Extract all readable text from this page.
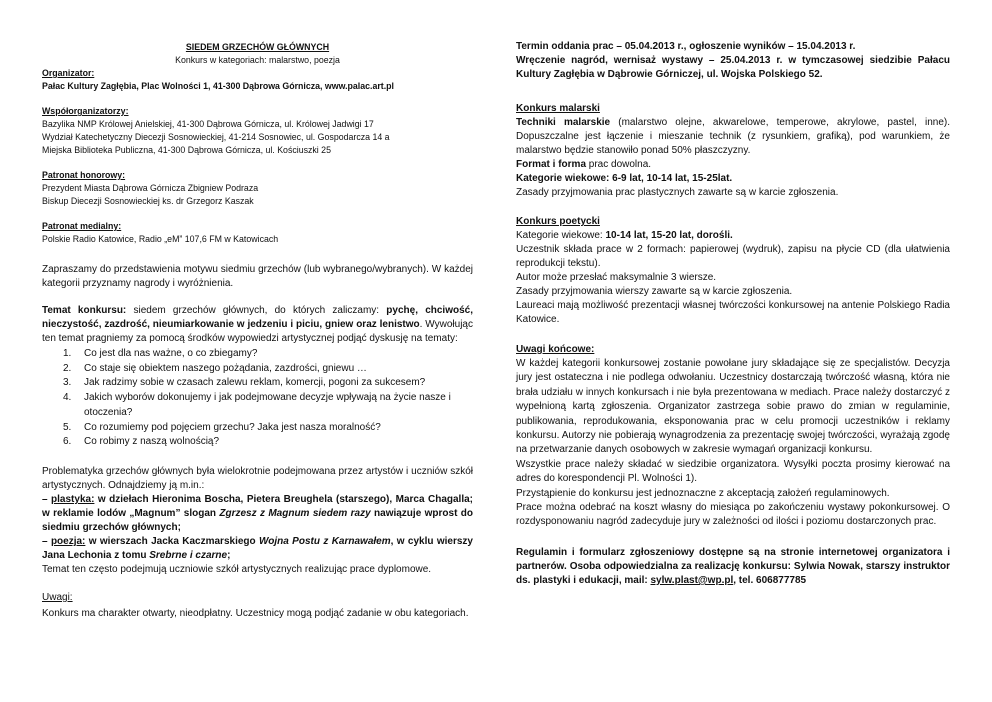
SIEDEM GRZECHÓW GŁÓWNYCH
Konkurs w kategoriach: malarstwo, poezja
Organizator:
Pałac Kultury Zagłębia, Plac Wolności 1, 41-300 Dąbrowa Górnicza, www.palac.art.pl
Współorganizatorzy:
Bazylika NMP Królowej Anielskiej, 41-300 Dąbrowa Górnicza, ul. Królowej Jadwigi 17
Wydział Katechetyczny Diecezji Sosnowieckiej, 41-214 Sosnowiec, ul. Gospodarcza 14 a
Miejska Biblioteka Publiczna, 41-300 Dąbrowa Górnicza, ul. Kościuszki 25
Patronat honorowy:
Prezydent Miasta Dąbrowa Górnicza Zbigniew Podraza
Biskup Diecezji Sosnowieckiej ks. dr Grzegorz Kaszak
Patronat medialny:
Polskie Radio Katowice, Radio „eM” 107,6 FM w Katowicach

Zapraszamy do przedstawienia motywu siedmiu grzechów (lub wybranego/wybranych). W każdej kategorii przyznamy nagrody i wyróżnienia.

Temat konkursu: siedem grzechów głównych, do których zaliczamy: pychę, chciwość, nieczystość, zazdrość, nieumiarkowanie w jedzeniu i piciu, gniew oraz lenistwo. Wywołując ten temat pragniemy za pomocą środków wypowiedzi artystycznej podjąć dyskusję na tematy:

1. Co jest dla nas ważne, o co zbiegamy?
2. Co staje się obiektem naszego pożądania, zazdrości, gniewu …
3. Jak radzimy sobie w czasach zalewu reklam, komercji, pogoni za sukcesem?
4. Jakich wyborów dokonujemy i jak podejmowane decyzje wpływają na życie nasze i otoczenia?
5. Co rozumiemy pod pojęciem grzechu? Jaka jest nasza moralność?
6. Co robimy z naszą wolnością?
Problematyka grzechów głównych była wielokrotnie podejmowana przez artystów i uczniów szkół artystycznych. Odnajdziemy ją m.in.:
– plastyka: w dziełach Hieronima Boscha, Pietera Breughela (starszego), Marca Chagalla; w reklamie lodów „Magnum” slogan Zgrzesz z Magnum siedem razy nawiązuje wprost do siedmiu grzechów głównych;
– poezja: w wierszach Jacka Kaczmarskiego Wojna Postu z Karnawałem, w cyklu wierszy Jana Lechonia z tomu Srebrne i czarne;
Temat ten często podejmują uczniowie szkół artystycznych realizując prace dyplomowe.
Uwagi:
Konkurs ma charakter otwarty, nieodpłatny. Uczestnicy mogą podjąć zadanie w obu kategoriach.
Termin oddania prac – 05.04.2013 r., ogłoszenie wyników – 15.04.2013 r.
Wręczenie nagród, wernisaż wystawy – 25.04.2013 r. w tymczasowej siedzibie Pałacu Kultury Zagłębia w Dąbrowie Górniczej, ul. Wojska Polskiego 52.
Konkurs malarski
Techniki malarskie (malarstwo olejne, akwarelowe, temperowe, akrylowe, pastel, inne). Dopuszczalne jest łączenie i mieszanie technik (z rysunkiem, grafiką), pod warunkiem, że malarstwo będzie stanowiło ponad 50% płaszczyzny.
Format i forma prac dowolna.
Kategorie wiekowe: 6-9 lat, 10-14 lat, 15-25lat.
Zasady przyjmowania prac plastycznych zawarte są w karcie zgłoszenia.
Konkurs poetycki
Kategorie wiekowe: 10-14 lat, 15-20 lat, dorośli.
Uczestnik składa prace w 2 formach: papierowej (wydruk), zapisu na płycie CD (dla ułatwienia reprodukcji tekstu).
Autor może przesłać maksymalnie 3 wiersze.
Zasady przyjmowania wierszy zawarte są w karcie zgłoszenia.
Laureaci mają możliwość prezentacji własnej twórczości konkursowej na antenie Polskiego Radia Katowice.
Uwagi końcowe:
W każdej kategorii konkursowej zostanie powołane jury składające się ze specjalistów. Decyzja jury jest ostateczna i nie podlega odwołaniu. Uczestnicy dostarczają twórczość własną, która nie brała udziału w innych konkursach i nie była prezentowana w mediach. Prace należy dostarczyć z wypełnioną kartą zgłoszenia. Organizator zastrzega sobie prawo do zmian w regulaminie, publikowania, reprodukowania, eksponowania prac w celu promocji uczestników i reklamy konkursu. Autorzy nie pobierają wynagrodzenia za prezentację swojej twórczości, wyrażają zgodę na przetwarzanie danych osobowych w zakresie wymagań organizacji konkursu.
Wszystkie prace należy składać w siedzibie organizatora. Wysyłki poczta prosimy kierować na adres do korespondencji Pl. Wolności 1).
Przystąpienie do konkursu jest jednoznaczne z akceptacją założeń regulaminowych.
Prace można odebrać na koszt własny do miesiąca po zakończeniu wystawy pokonkursowej. O rozdysponowaniu nagród zadecyduje jury w zależności od ilości i poziomu dostarczonych prac.
Regulamin i formularz zgłoszeniowy dostępne są na stronie internetowej organizatora i partnerów. Osoba odpowiedzialna za realizację konkursu: Sylwia Nowak, starszy instruktor ds. plastyki i edukacji, mail: sylw.plast@wp.pl, tel. 606877785
